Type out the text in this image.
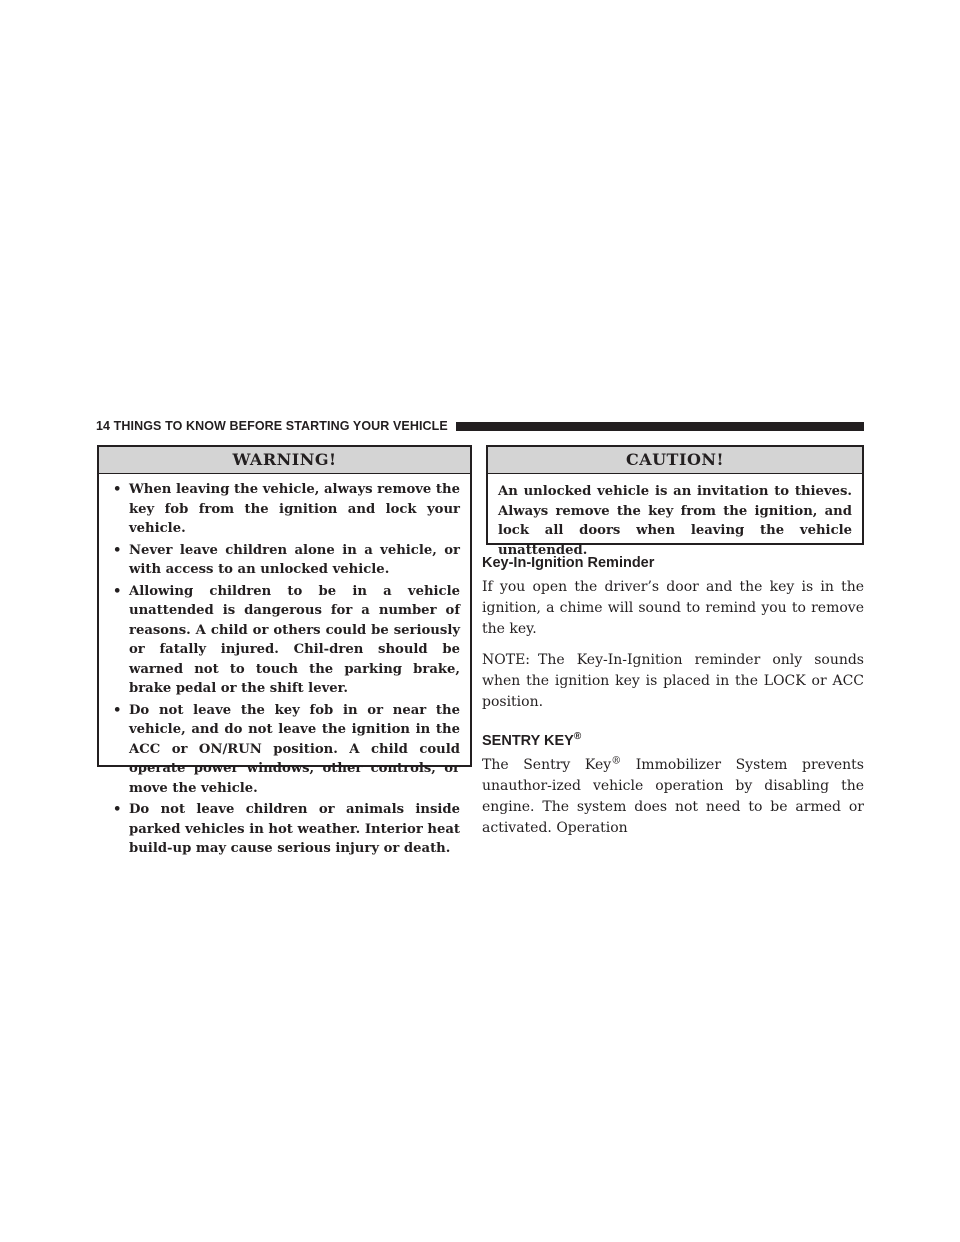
14 THINGS TO KNOW BEFORE STARTING YOUR VEHICLE
WARNING!
• When leaving the vehicle, always remove the key fob from the ignition and lock your vehicle.
• Never leave children alone in a vehicle, or with access to an unlocked vehicle.
• Allowing children to be in a vehicle unattended is dangerous for a number of reasons. A child or others could be seriously or fatally injured. Chil-dren should be warned not to touch the parking brake, brake pedal or the shift lever.
• Do not leave the key fob in or near the vehicle, and do not leave the ignition in the ACC or ON/RUN position. A child could operate power windows, other controls, or move the vehicle.
• Do not leave children or animals inside parked vehicles in hot weather. Interior heat build-up may cause serious injury or death.
CAUTION!
An unlocked vehicle is an invitation to thieves. Always remove the key from the ignition, and lock all doors when leaving the vehicle unattended.
Key-In-Ignition Reminder

If you open the driver’s door and the key is in the ignition, a chime will sound to remind you to remove the key.

NOTE: The Key-In-Ignition reminder only sounds when the ignition key is placed in the LOCK or ACC position.

SENTRY KEY®

The Sentry Key® Immobilizer System prevents unauthor-ized vehicle operation by disabling the engine. The system does not need to be armed or activated. Operation
